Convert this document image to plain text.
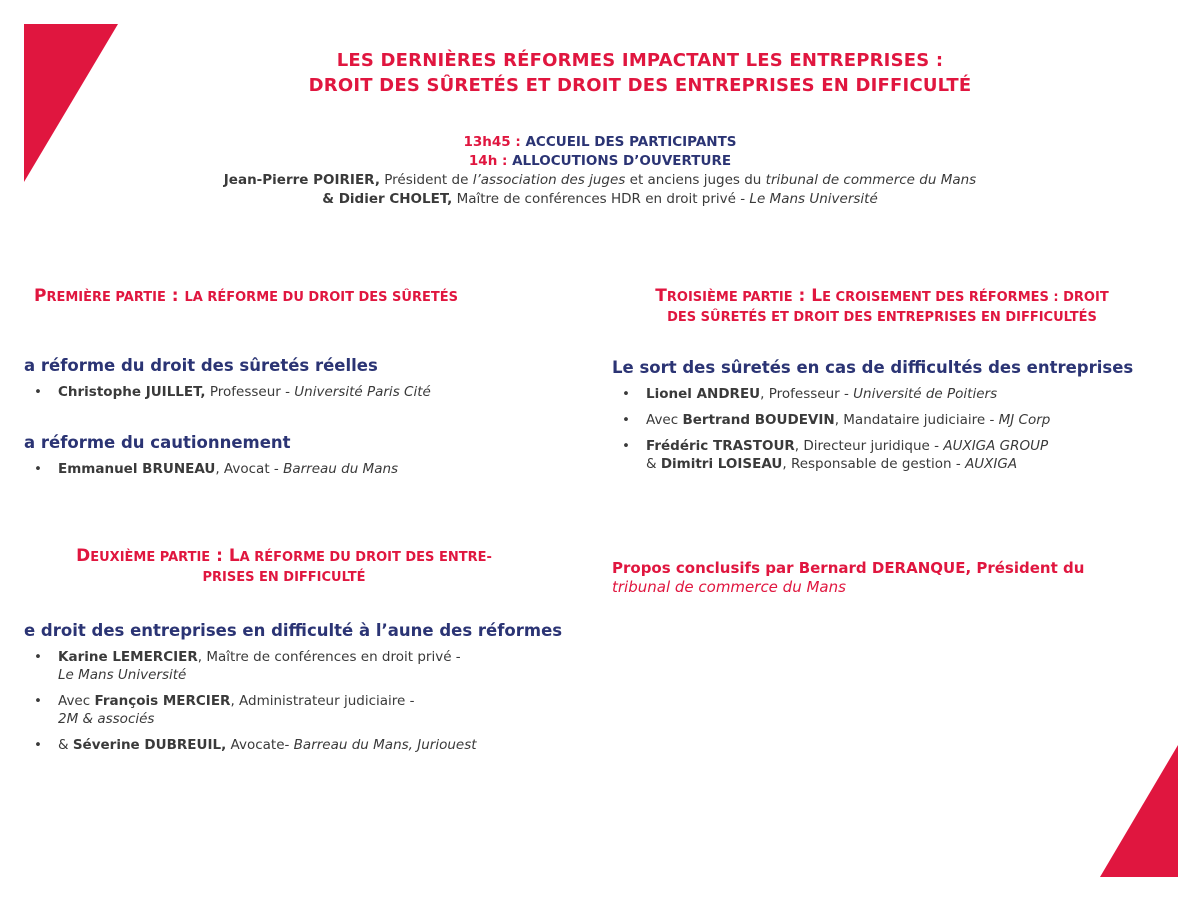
LES DERNIÈRES RÉFORMES IMPACTANT LES ENTREPRISES :
DROIT DES SÛRETÉS ET DROIT DES ENTREPRISES EN DIFFICULTÉ
13h45 : ACCUEIL DES PARTICIPANTS
14h : ALLOCUTIONS D’OUVERTURE
Jean-Pierre POIRIER, Président de l’association des juges et anciens juges du tribunal de commerce du Mans
& Didier CHOLET, Maître de conférences HDR en droit privé - Le Mans Université
PREMIÈRE PARTIE : LA RÉFORME DU DROIT DES SÛRETÉS

a réforme du droit des sûretés réelles

• Christophe JUILLET, Professeur - Université Paris Cité

a réforme du cautionnement

• Emmanuel BRUNEAU, Avocat - Barreau du Mans
DEUXIÈME PARTIE : LA RÉFORME DU DROIT DES ENTRE-
PRISES EN DIFFICULTÉ

e droit des entreprises en difficulté à l’aune des réformes

• Karine LEMERCIER, Maître de conférences en droit privé -
Le Mans Université
• Avec François MERCIER, Administrateur judiciaire -
2M & associés
• & Séverine DUBREUIL, Avocate- Barreau du Mans, Juriouest
TROISIÈME PARTIE : LE CROISEMENT DES RÉFORMES : DROIT
DES SÛRETÉS ET DROIT DES ENTREPRISES EN DIFFICULTÉS

Le sort des sûretés en cas de difficultés des entreprises

• Lionel ANDREU, Professeur - Université de Poitiers
• Avec Bertrand BOUDEVIN, Mandataire judiciaire - MJ Corp
• Frédéric TRASTOUR, Directeur juridique - AUXIGA GROUP
& Dimitri LOISEAU, Responsable de gestion - AUXIGA
Propos conclusifs par Bernard DERANQUE, Président du
tribunal de commerce du Mans
